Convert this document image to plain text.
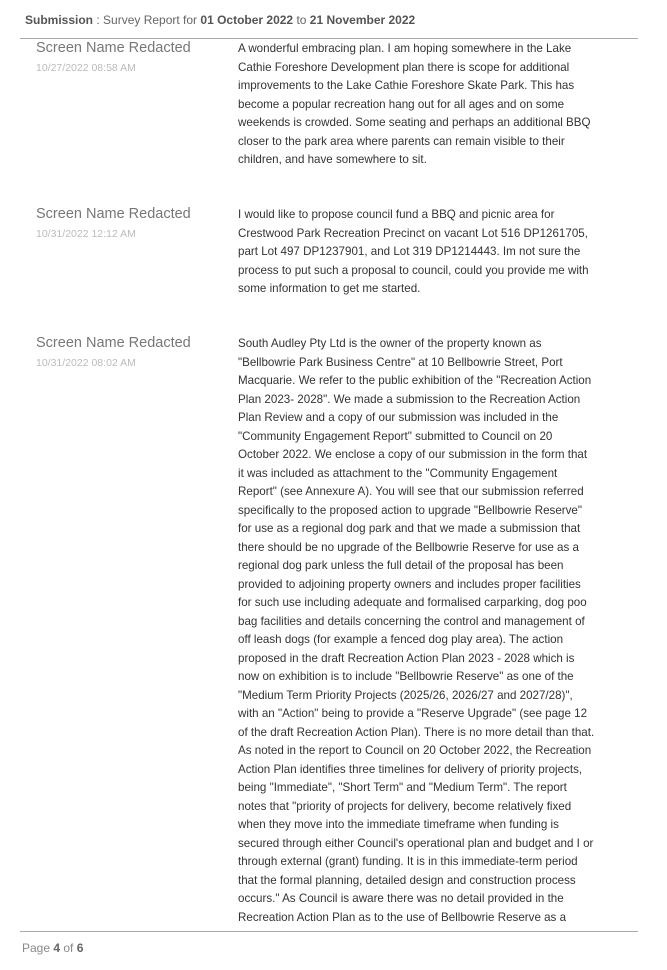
Submission : Survey Report for 01 October 2022 to 21 November 2022
Screen Name Redacted
10/27/2022 08:58 AM
A wonderful embracing plan. I am hoping somewhere in the Lake
Cathie Foreshore Development plan there is scope for additional
improvements to the Lake Cathie Foreshore Skate Park. This has
become a popular recreation hang out for all ages and on some
weekends is crowded. Some seating and perhaps an additional BBQ
closer to the park area where parents can remain visible to their
children, and have somewhere to sit.
Screen Name Redacted
10/31/2022 12:12 AM
I would like to propose council fund a BBQ and picnic area for
Crestwood Park Recreation Precinct on vacant Lot 516 DP1261705,
part Lot 497 DP1237901, and Lot 319 DP1214443. Im not sure the
process to put such a proposal to council, could you provide me with
some information to get me started.
Screen Name Redacted
10/31/2022 08:02 AM
South Audley Pty Ltd is the owner of the property known as
"Bellbowrie Park Business Centre" at 10 Bellbowrie Street, Port
Macquarie. We refer to the public exhibition of the "Recreation Action
Plan 2023- 2028". We made a submission to the Recreation Action
Plan Review and a copy of our submission was included in the
"Community Engagement Report" submitted to Council on 20
October 2022. We enclose a copy of our submission in the form that
it was included as attachment to the "Community Engagement
Report" (see Annexure A). You will see that our submission referred
specifically to the proposed action to upgrade "Bellbowrie Reserve"
for use as a regional dog park and that we made a submission that
there should be no upgrade of the Bellbowrie Reserve for use as a
regional dog park unless the full detail of the proposal has been
provided to adjoining property owners and includes proper facilities
for such use including adequate and formalised carparking, dog poo
bag facilities and details concerning the control and management of
off leash dogs (for example a fenced dog play area). The action
proposed in the draft Recreation Action Plan 2023 - 2028 which is
now on exhibition is to include "Bellbowrie Reserve" as one of the
"Medium Term Priority Projects (2025/26, 2026/27 and 2027/28)",
with an "Action" being to provide a "Reserve Upgrade" (see page 12
of the draft Recreation Action Plan). There is no more detail than that.
As noted in the report to Council on 20 October 2022, the Recreation
Action Plan identifies three timelines for delivery of priority projects,
being "Immediate", "Short Term" and "Medium Term". The report
notes that "priority of projects for delivery, become relatively fixed
when they move into the immediate timeframe when funding is
secured through either Council's operational plan and budget and I or
through external (grant) funding. It is in this immediate-term period
that the formal planning, detailed design and construction process
occurs." As Council is aware there was no detail provided in the
Recreation Action Plan as to the use of Bellbowrie Reserve as a
Page 4 of 6
